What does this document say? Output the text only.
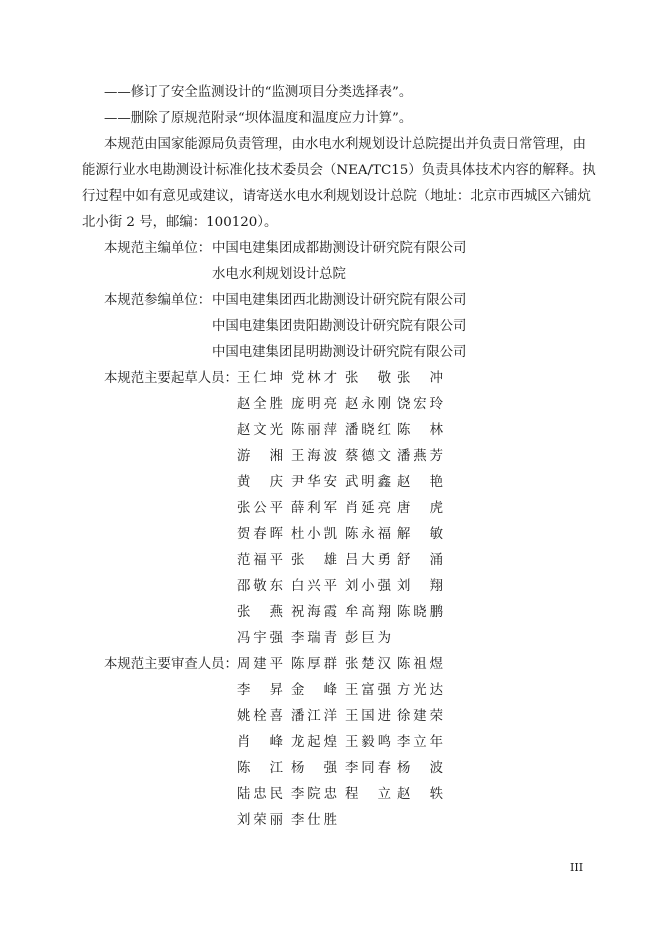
——修订了安全监测设计的“监测项目分类选择表”。
——删除了原规范附录“坝体温度和温度应力计算”。
本规范由国家能源局负责管理，由水电水利规划设计总院提出并负责日常管理，由
能源行业水电勘测设计标准化技术委员会（NEA/TC15）负责具体技术内容的解释。执
行过程中如有意见或建议，请寄送水电水利规划设计总院（地址：北京市西城区六铺炕
北小街 2 号，邮编：100120）。
本规范主编单位： 中国电建集团成都勘测设计研究院有限公司
水电水利规划设计总院
本规范参编单位： 中国电建集团西北勘测设计研究院有限公司
中国电建集团贵阳勘测设计研究院有限公司
中国电建集团昆明勘测设计研究院有限公司
本规范主要起草人员： 王仁坤 党林才 张　敬 张　冲
赵全胜 庞明亮 赵永刚 饶宏玲
赵文光 陈丽萍 潘晓红 陈　林
游　湘 王海波 蔡德文 潘燕芳
黄　庆 尹华安 武明鑫 赵　艳
张公平 薛利军 肖延亮 唐　虎
贺春晖 杜小凯 陈永福 解　敏
范福平 张　雄 吕大勇 舒　涌
邵敬东 白兴平 刘小强 刘　翔
张　燕 祝海霞 牟高翔 陈晓鹏
冯宇强 李瑞青 彭巨为
本规范主要审查人员： 周建平 陈厚群 张楚汉 陈祖煜
李　昇 金　峰 王富强 方光达
姚栓喜 潘江洋 王国进 徐建荣
肖　峰 龙起煌 王毅鸣 李立年
陈　江 杨　强 李同春 杨　波
陆忠民 李院忠 程　立 赵　轶
刘荣丽 李仕胜
III
